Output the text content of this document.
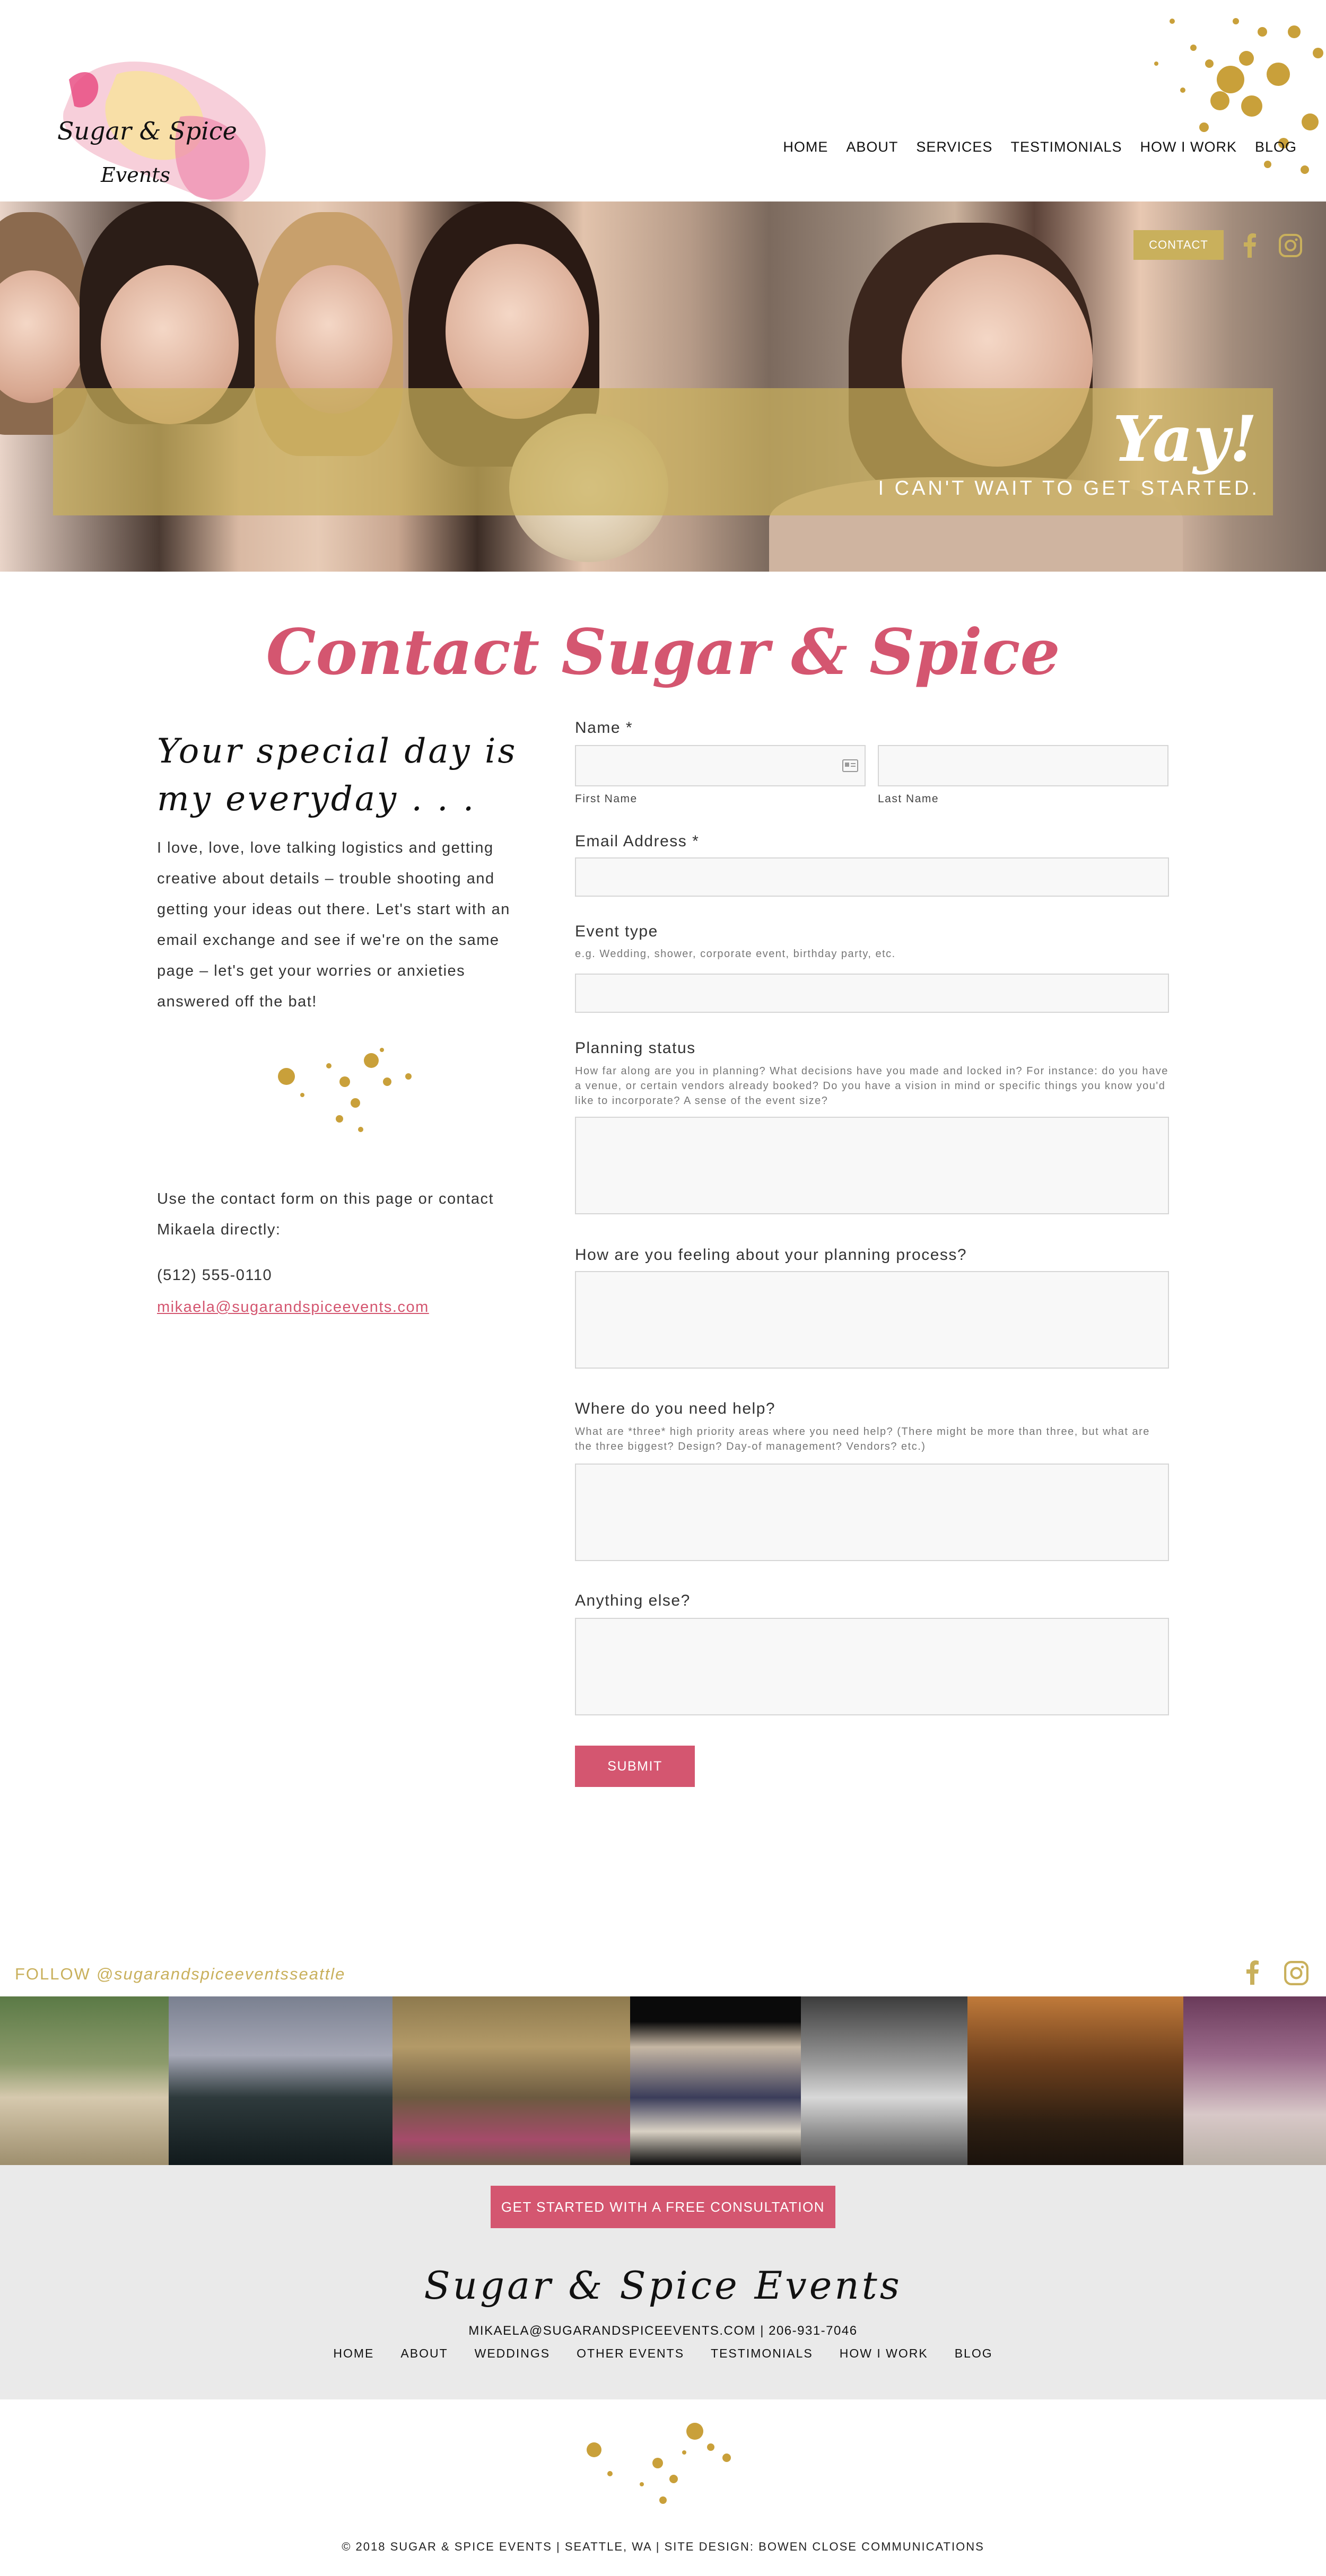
Sugar & Spice
Events
HOME ABOUT SERVICES TESTIMONIALS HOW I WORK BLOG
CONTACT
Yay!
I CAN'T WAIT TO GET STARTED.
Contact Sugar & Spice
Your special day is my everyday . . .
I love, love, love talking logistics and getting creative about details – trouble shooting and getting your ideas out there. Let's start with an email exchange and see if we're on the same page – let's get your worries or anxieties answered off the bat!
Use the contact form on this page or contact Mikaela directly:
(512) 555-0110
mikaela@sugarandspiceevents.com
Name *
First Name	Last Name
Email Address *
Event type
e.g. Wedding, shower, corporate event, birthday party, etc.
Planning status
How far along are you in planning? What decisions have you made and locked in? For instance: do you have a venue, or certain vendors already booked? Do you have a vision in mind or specific things you know you'd like to incorporate? A sense of the event size?
How are you feeling about your planning process?
Where do you need help?
What are *three* high priority areas where you need help? (There might be more than three, but what are the three biggest? Design? Day-of management? Vendors? etc.)
Anything else?
SUBMIT
FOLLOW @sugarandspiceeventsseattle
GET STARTED WITH A FREE CONSULTATION
Sugar & Spice Events
MIKAELA@SUGARANDSPICEEVENTS.COM | 206-931-7046
HOME ABOUT WEDDINGS OTHER EVENTS TESTIMONIALS HOW I WORK BLOG
© 2018 SUGAR & SPICE EVENTS | SEATTLE, WA | SITE DESIGN: BOWEN CLOSE COMMUNICATIONS
